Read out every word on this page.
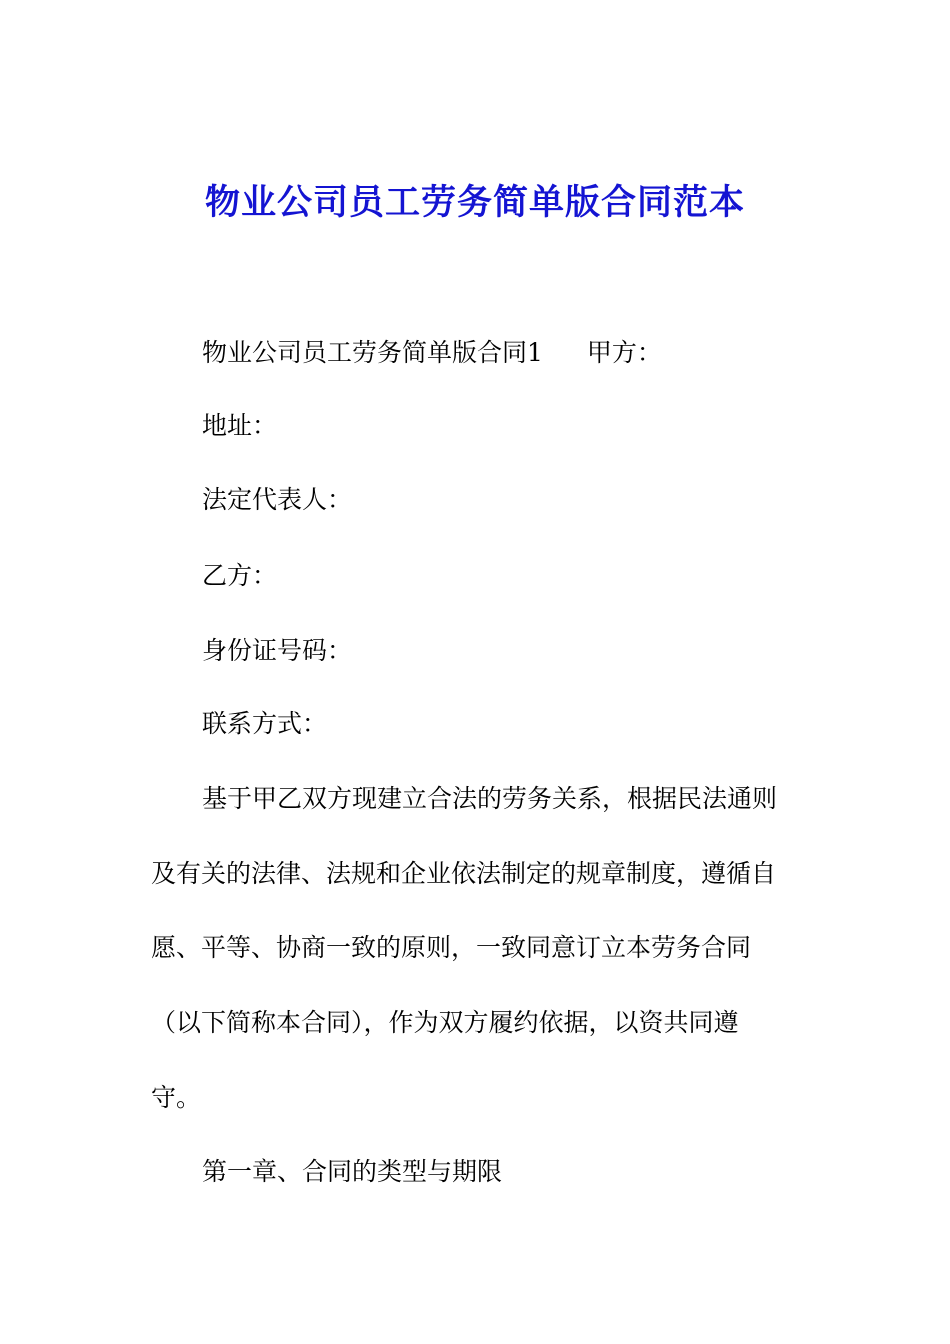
物业公司员工劳务简单版合同范本
物业公司员工劳务简单版合同1 甲方：
地址：
法定代表人：
乙方：
身份证号码：
联系方式：
基于甲乙双方现建立合法的劳务关系，根据民法通则
及有关的法律、法规和企业依法制定的规章制度，遵循自
愿、平等、协商一致的原则，一致同意订立本劳务合同
（以下简称本合同），作为双方履约依据，以资共同遵
守。
第一章、合同的类型与期限
